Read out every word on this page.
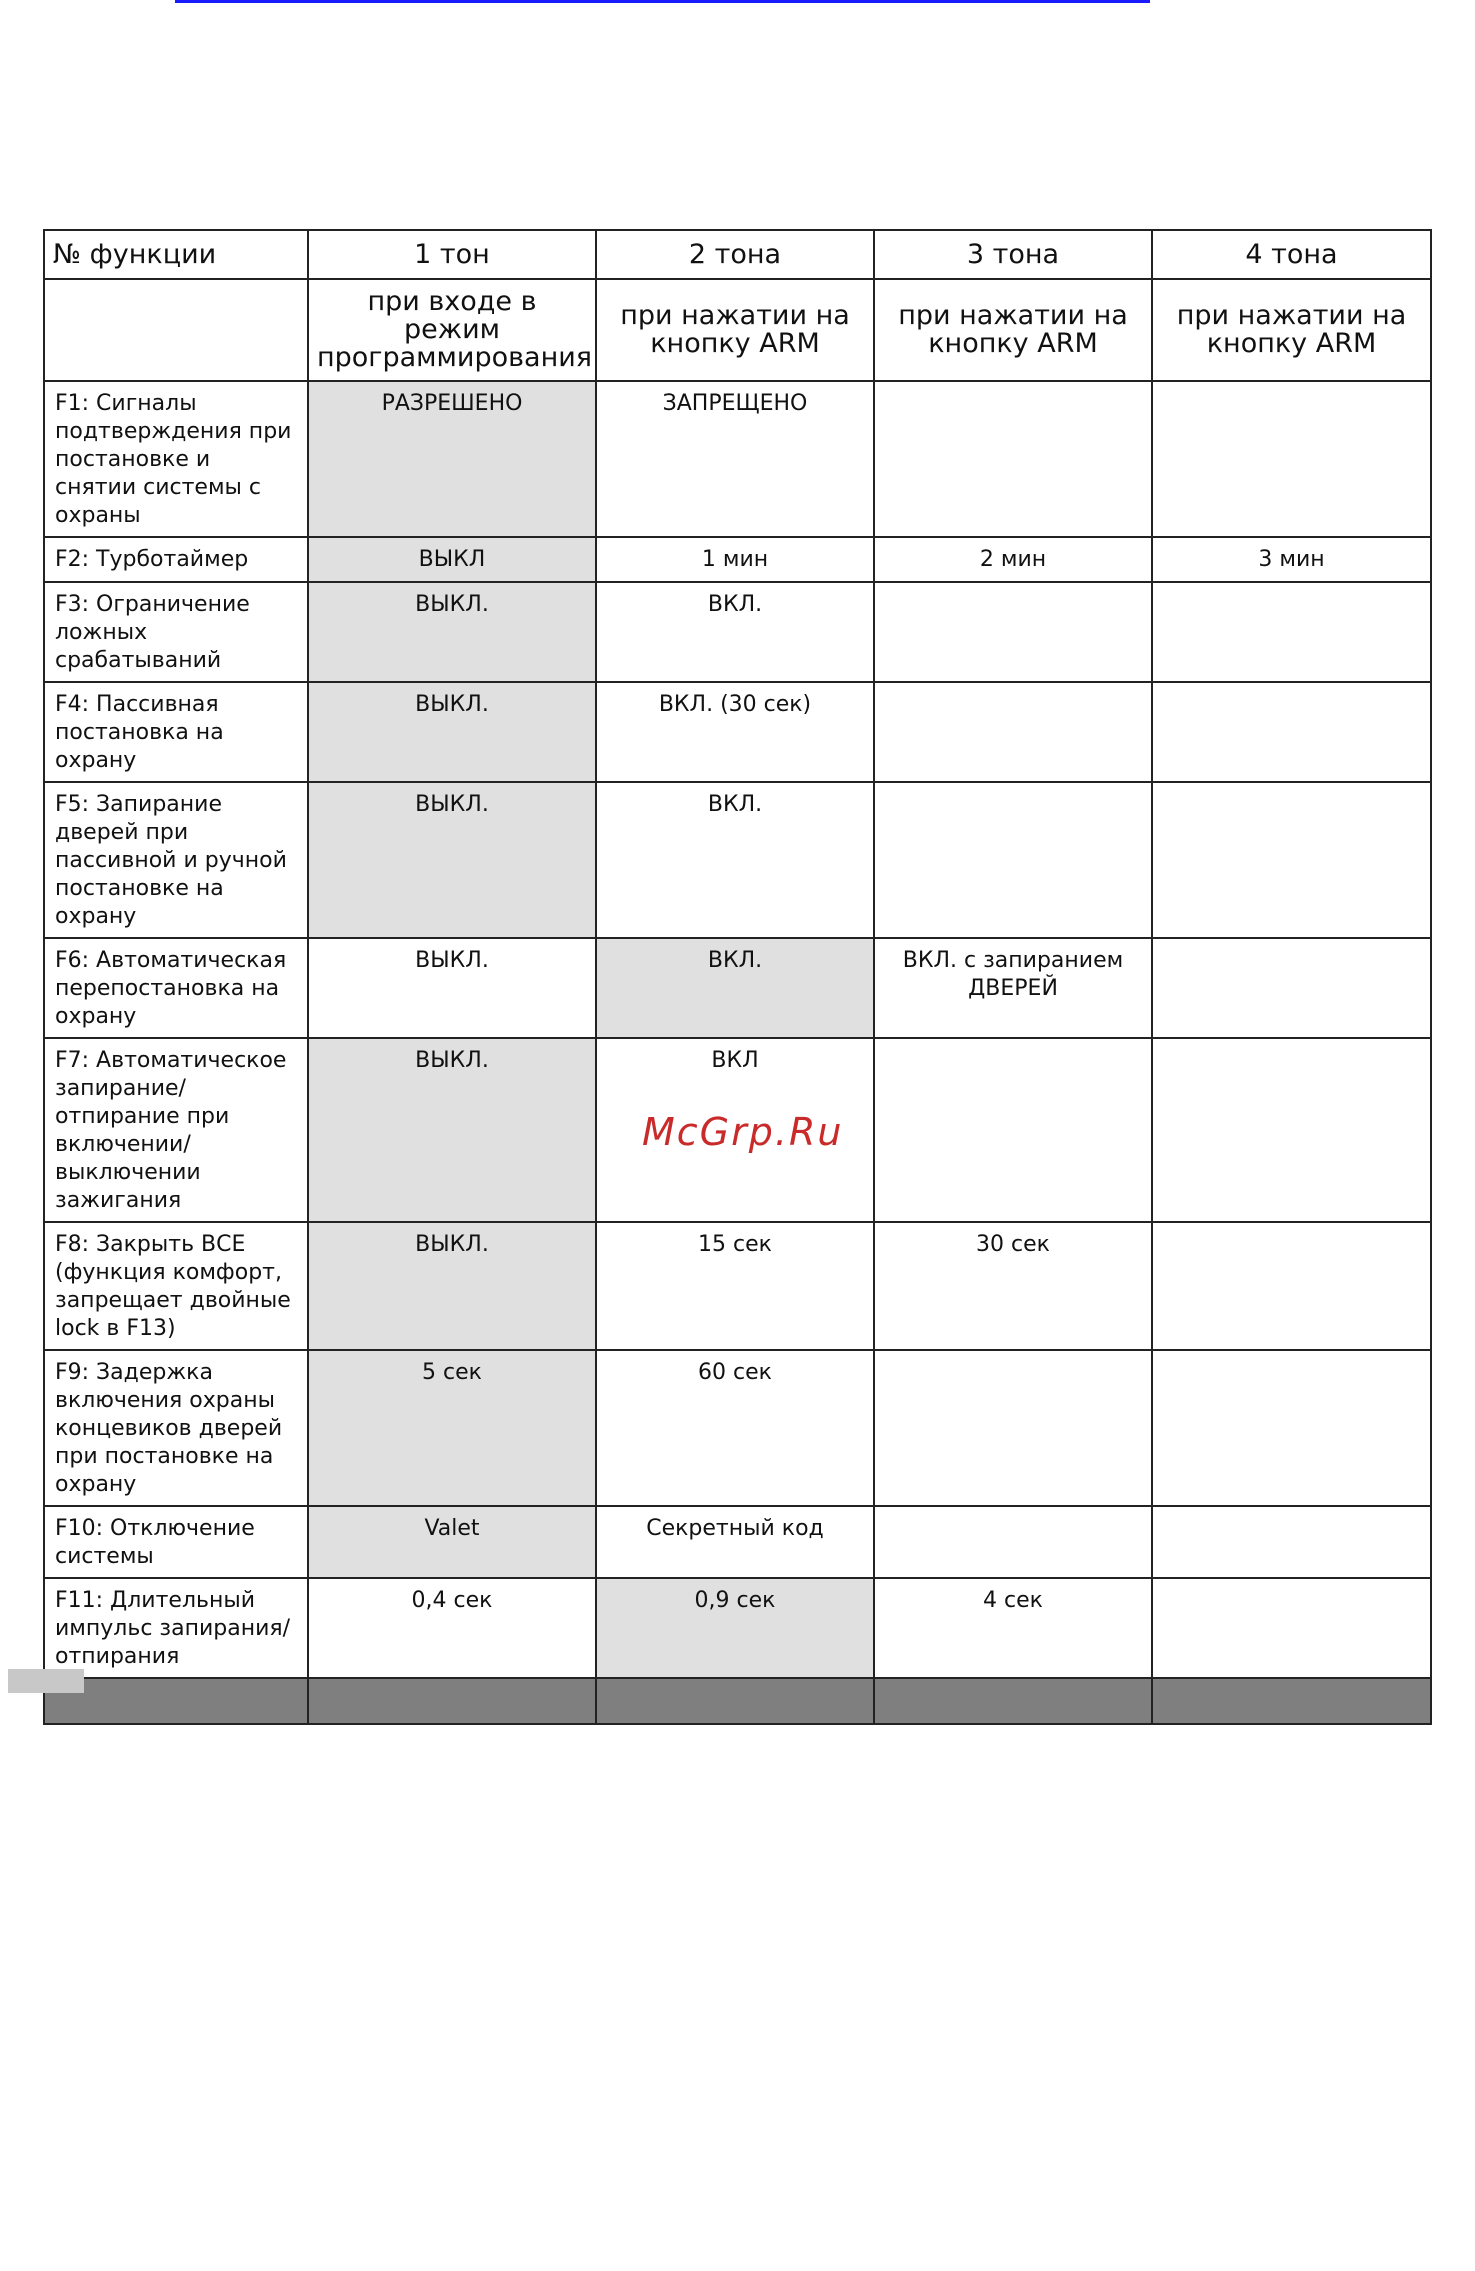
№ функции	1 тон	2 тона	3 тона	4 тона
	при входе в режим программирования	при нажатии на кнопку ARM	при нажатии на кнопку ARM	при нажатии на кнопку ARM
F1: Сигналы подтверждения при постановке и снятии системы с охраны	РАЗРЕШЕНО	ЗАПРЕЩЕНО		
F2: Турботаймер	ВЫКЛ	1 мин	2 мин	3 мин
F3: Ограничение ложных срабатываний	ВЫКЛ.	ВКЛ.		
F4: Пассивная постановка на охрану	ВЫКЛ.	ВКЛ. (30 сек)		
F5: Запирание дверей при пассивной и ручной постановке на охрану	ВЫКЛ.	ВКЛ.		
F6: Автоматическая перепостановка на охрану	ВЫКЛ.	ВКЛ.	ВКЛ. с запиранием ДВЕРЕЙ	
F7: Автоматическое запирание/ отпирание при включении/ выключении зажигания	ВЫКЛ.	ВКЛ		
F8: Закрыть ВСЕ (функция комфорт, запрещает двойные lock в F13)	ВЫКЛ.	15 сек	30 сек	
F9: Задержка включения охраны концевиков дверей при постановке на охрану	5 сек	60 сек		
F10: Отключение системы	Valet	Секретный код		
F11: Длительный импульс запирания/ отпирания	0,4 сек	0,9 сек	4 сек	

McGrp.Ru
